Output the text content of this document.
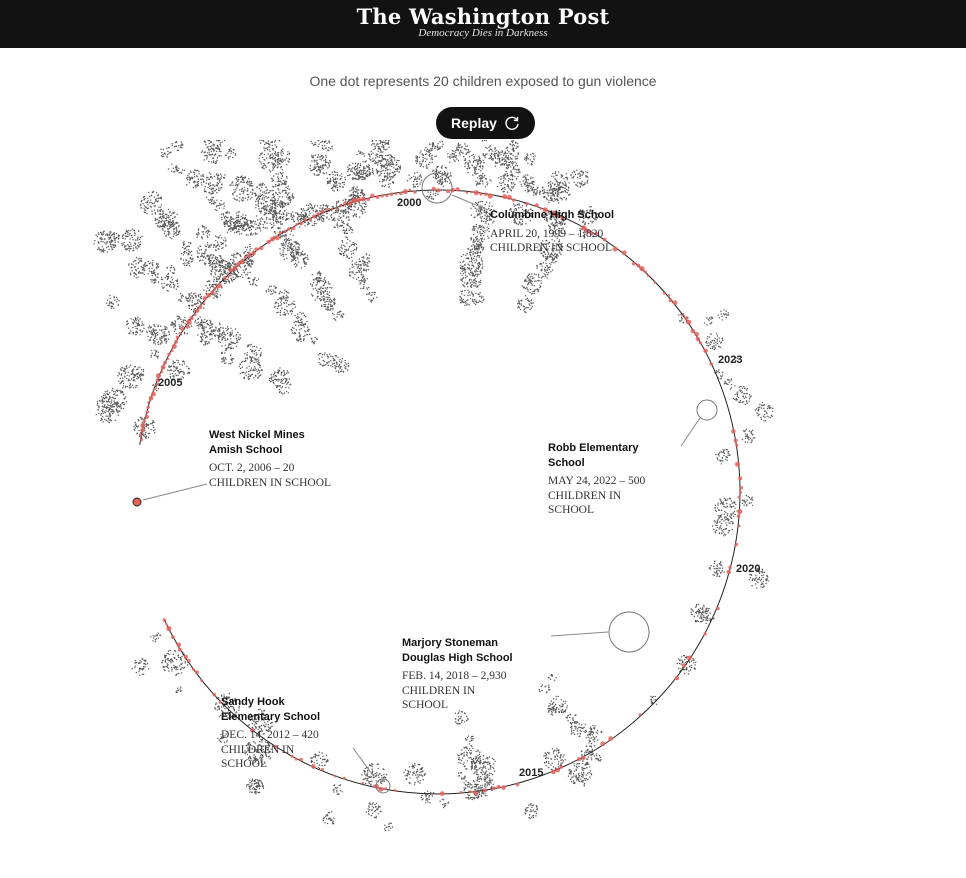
The Washington Post
Democracy Dies in Darkness
One dot represents 20 children exposed to gun violence
Replay
2000
2005
2015
2020
2023
Columbine High School
APRIL 20, 1999 – 1,820 CHILDREN IN SCHOOL
West Nickel Mines Amish School
OCT. 2, 2006 – 20 CHILDREN IN SCHOOL
Sandy Hook Elementary School
DEC. 14, 2012 – 420 CHILDREN IN SCHOOL
Marjory Stoneman Douglas High School
FEB. 14, 2018 – 2,930 CHILDREN IN SCHOOL
Robb Elementary School
MAY 24, 2022 – 500 CHILDREN IN SCHOOL
